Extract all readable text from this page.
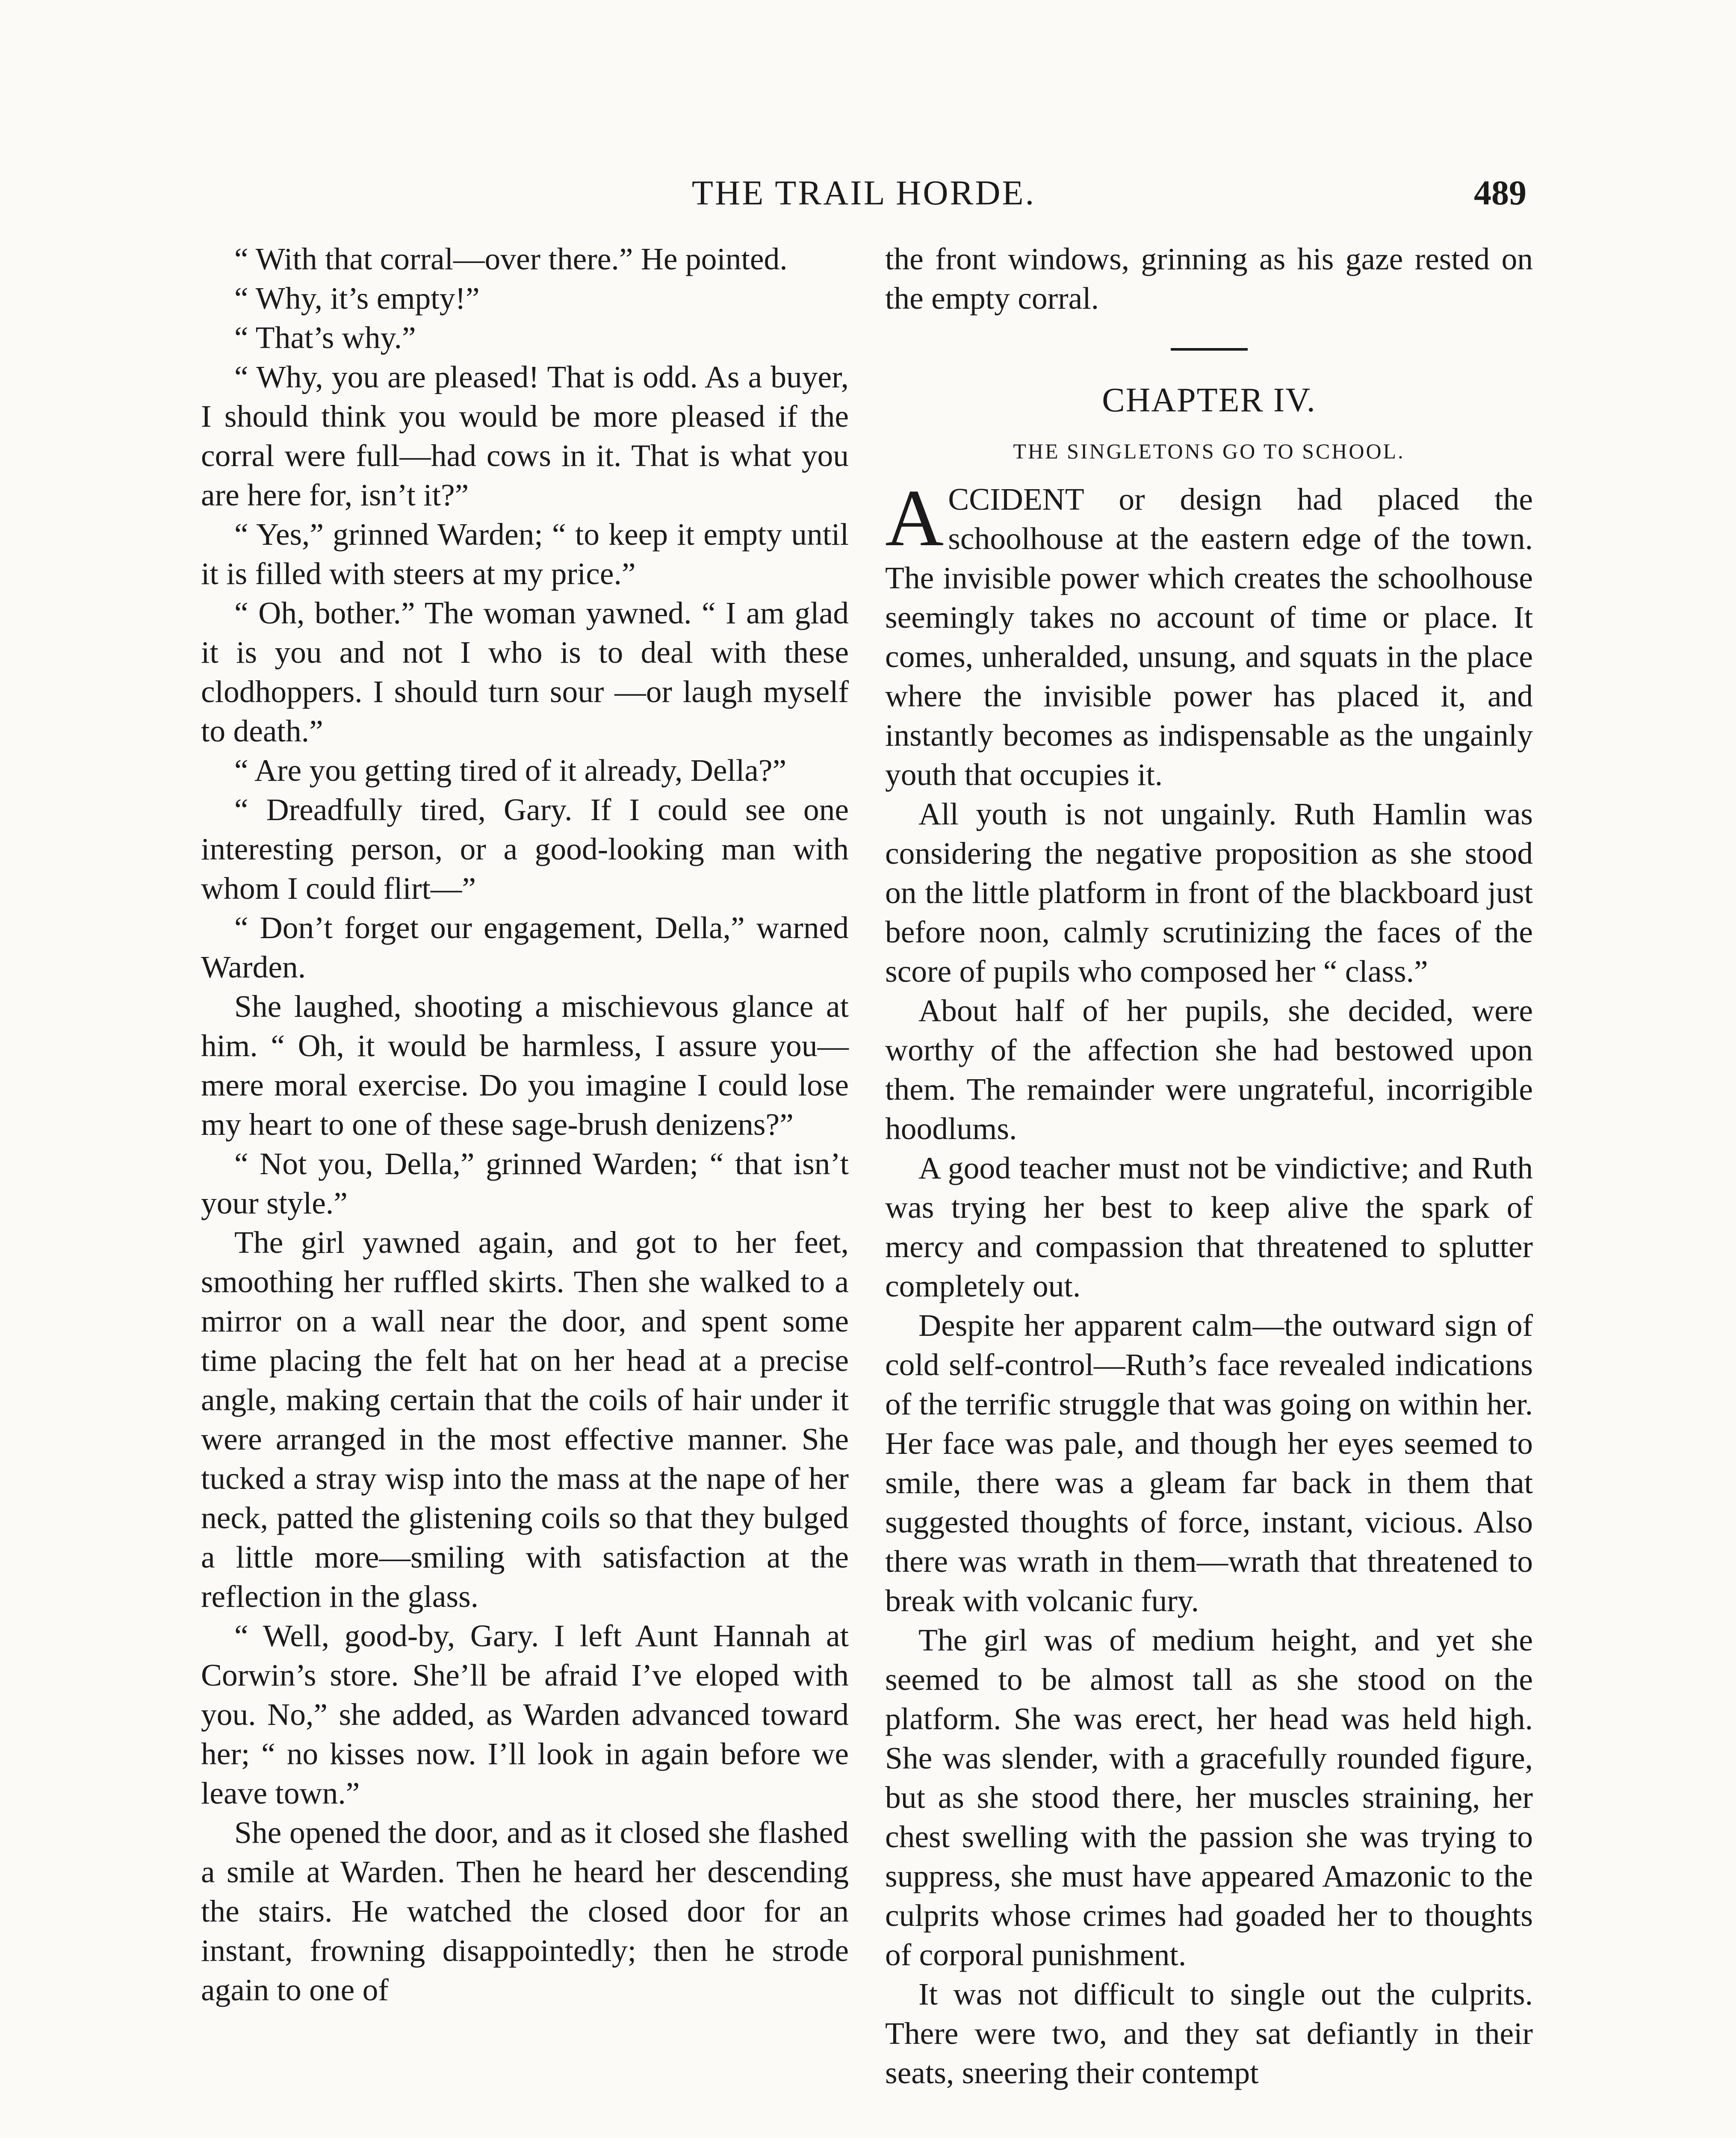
THE TRAIL HORDE.	489

“ With that corral—over there.” He pointed.

“ Why, it’s empty!”

“ That’s why.”

“ Why, you are pleased! That is odd. As a buyer, I should think you would be more pleased if the corral were full—had cows in it. That is what you are here for, isn’t it?”

“ Yes,” grinned Warden; “ to keep it empty until it is filled with steers at my price.”

“ Oh, bother.” The woman yawned. “ I am glad it is you and not I who is to deal with these clodhoppers. I should turn sour —or laugh myself to death.”

“ Are you getting tired of it already, Della?”

“ Dreadfully tired, Gary. If I could see one interesting person, or a good-looking man with whom I could flirt—”

“ Don’t forget our engagement, Della,” warned Warden.

She laughed, shooting a mischievous glance at him. “ Oh, it would be harmless, I assure you—mere moral exercise. Do you imagine I could lose my heart to one of these sage-brush denizens?”

“ Not you, Della,” grinned Warden; “ that isn’t your style.”

The girl yawned again, and got to her feet, smoothing her ruffled skirts. Then she walked to a mirror on a wall near the door, and spent some time placing the felt hat on her head at a precise angle, making certain that the coils of hair under it were arranged in the most effective manner. She tucked a stray wisp into the mass at the nape of her neck, patted the glistening coils so that they bulged a little more—smiling with satisfaction at the reflection in the glass.

“ Well, good-by, Gary. I left Aunt Hannah at Corwin’s store. She’ll be afraid I’ve eloped with you. No,” she added, as Warden advanced toward her; “ no kisses now. I’ll look in again before we leave town.”

She opened the door, and as it closed she flashed a smile at Warden. Then he heard her descending the stairs. He watched the closed door for an instant, frowning disappointedly; then he strode again to one of

the front windows, grinning as his gaze rested on the empty corral.

CHAPTER IV.
THE SINGLETONS GO TO SCHOOL.

ACCIDENT or design had placed the schoolhouse at the eastern edge of the town. The invisible power which creates the schoolhouse seemingly takes no account of time or place. It comes, unheralded, unsung, and squats in the place where the invisible power has placed it, and instantly becomes as indispensable as the ungainly youth that occupies it.

All youth is not ungainly. Ruth Hamlin was considering the negative proposition as she stood on the little platform in front of the blackboard just before noon, calmly scrutinizing the faces of the score of pupils who composed her “ class.”

About half of her pupils, she decided, were worthy of the affection she had bestowed upon them. The remainder were ungrateful, incorrigible hoodlums.

A good teacher must not be vindictive; and Ruth was trying her best to keep alive the spark of mercy and compassion that threatened to splutter completely out.

Despite her apparent calm—the outward sign of cold self-control—Ruth’s face revealed indications of the terrific struggle that was going on within her. Her face was pale, and though her eyes seemed to smile, there was a gleam far back in them that suggested thoughts of force, instant, vicious. Also there was wrath in them—wrath that threatened to break with volcanic fury.

The girl was of medium height, and yet she seemed to be almost tall as she stood on the platform. She was erect, her head was held high. She was slender, with a gracefully rounded figure, but as she stood there, her muscles straining, her chest swelling with the passion she was trying to suppress, she must have appeared Amazonic to the culprits whose crimes had goaded her to thoughts of corporal punishment.

It was not difficult to single out the culprits. There were two, and they sat defiantly in their seats, sneering their contempt
